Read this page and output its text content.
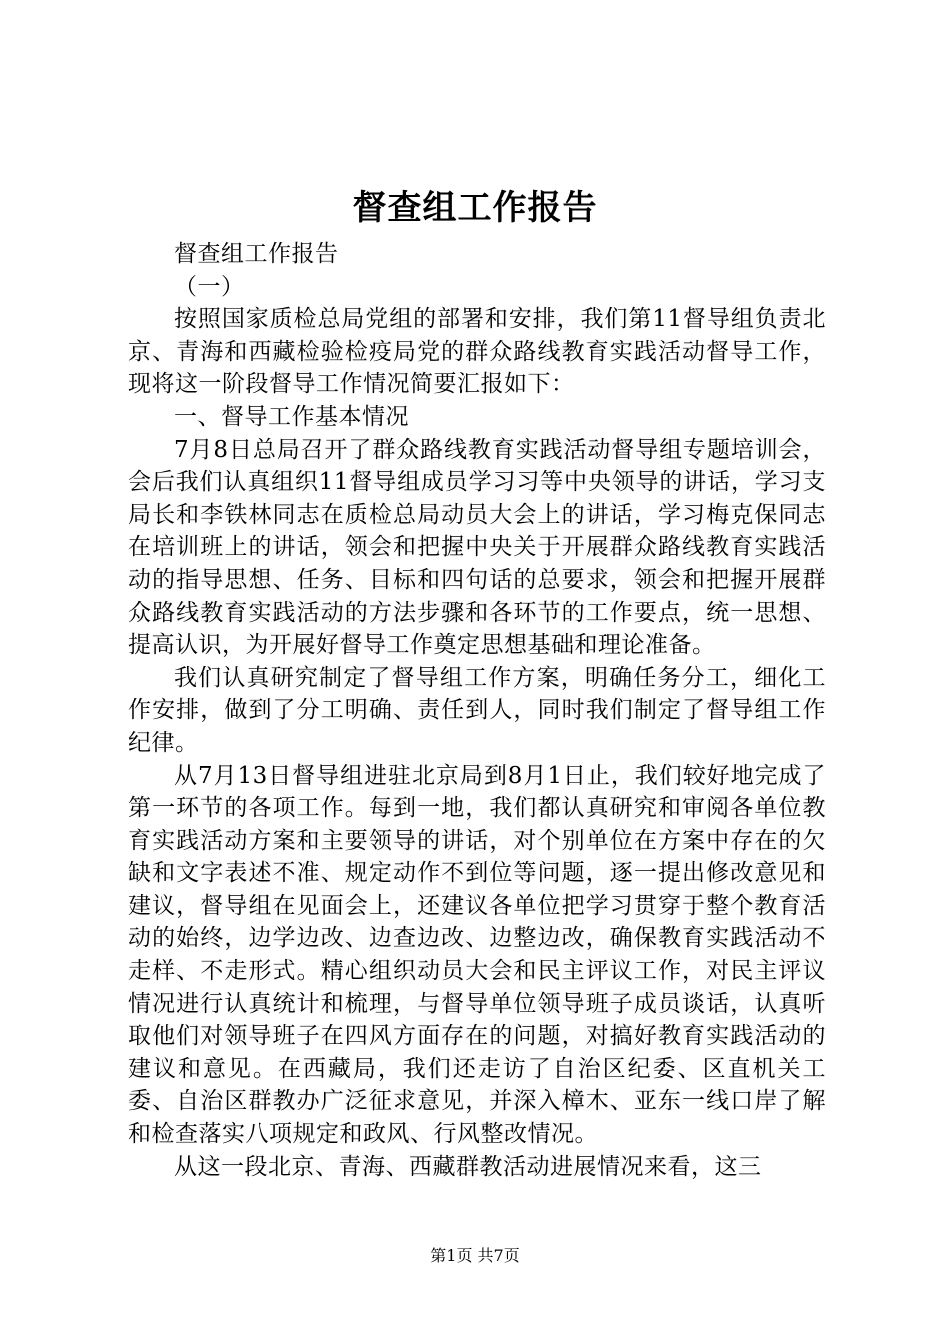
督查组工作报告

督查组工作报告

（一）

按照国家质检总局党组的部署和安排，我们第11督导组负责北京、青海和西藏检验检疫局党的群众路线教育实践活动督导工作，现将这一阶段督导工作情况简要汇报如下：

一、督导工作基本情况

7月8日总局召开了群众路线教育实践活动督导组专题培训会，会后我们认真组织11督导组成员学习习等中央领导的讲话，学习支局长和李铁林同志在质检总局动员大会上的讲话，学习梅克保同志在培训班上的讲话，领会和把握中央关于开展群众路线教育实践活动的指导思想、任务、目标和四句话的总要求，领会和把握开展群众路线教育实践活动的方法步骤和各环节的工作要点，统一思想、提高认识，为开展好督导工作奠定思想基础和理论准备。

我们认真研究制定了督导组工作方案，明确任务分工，细化工作安排，做到了分工明确、责任到人，同时我们制定了督导组工作纪律。

从7月13日督导组进驻北京局到8月1日止，我们较好地完成了第一环节的各项工作。每到一地，我们都认真研究和审阅各单位教育实践活动方案和主要领导的讲话，对个别单位在方案中存在的欠缺和文字表述不准、规定动作不到位等问题，逐一提出修改意见和建议，督导组在见面会上，还建议各单位把学习贯穿于整个教育活动的始终，边学边改、边查边改、边整边改，确保教育实践活动不走样、不走形式。精心组织动员大会和民主评议工作，对民主评议情况进行认真统计和梳理，与督导单位领导班子成员谈话，认真听取他们对领导班子在四风方面存在的问题，对搞好教育实践活动的建议和意见。在西藏局，我们还走访了自治区纪委、区直机关工委、自治区群教办广泛征求意见，并深入樟木、亚东一线口岸了解和检查落实八项规定和政风、行风整改情况。

从这一段北京、青海、西藏群教活动进展情况来看，这三

第1页 共7页
